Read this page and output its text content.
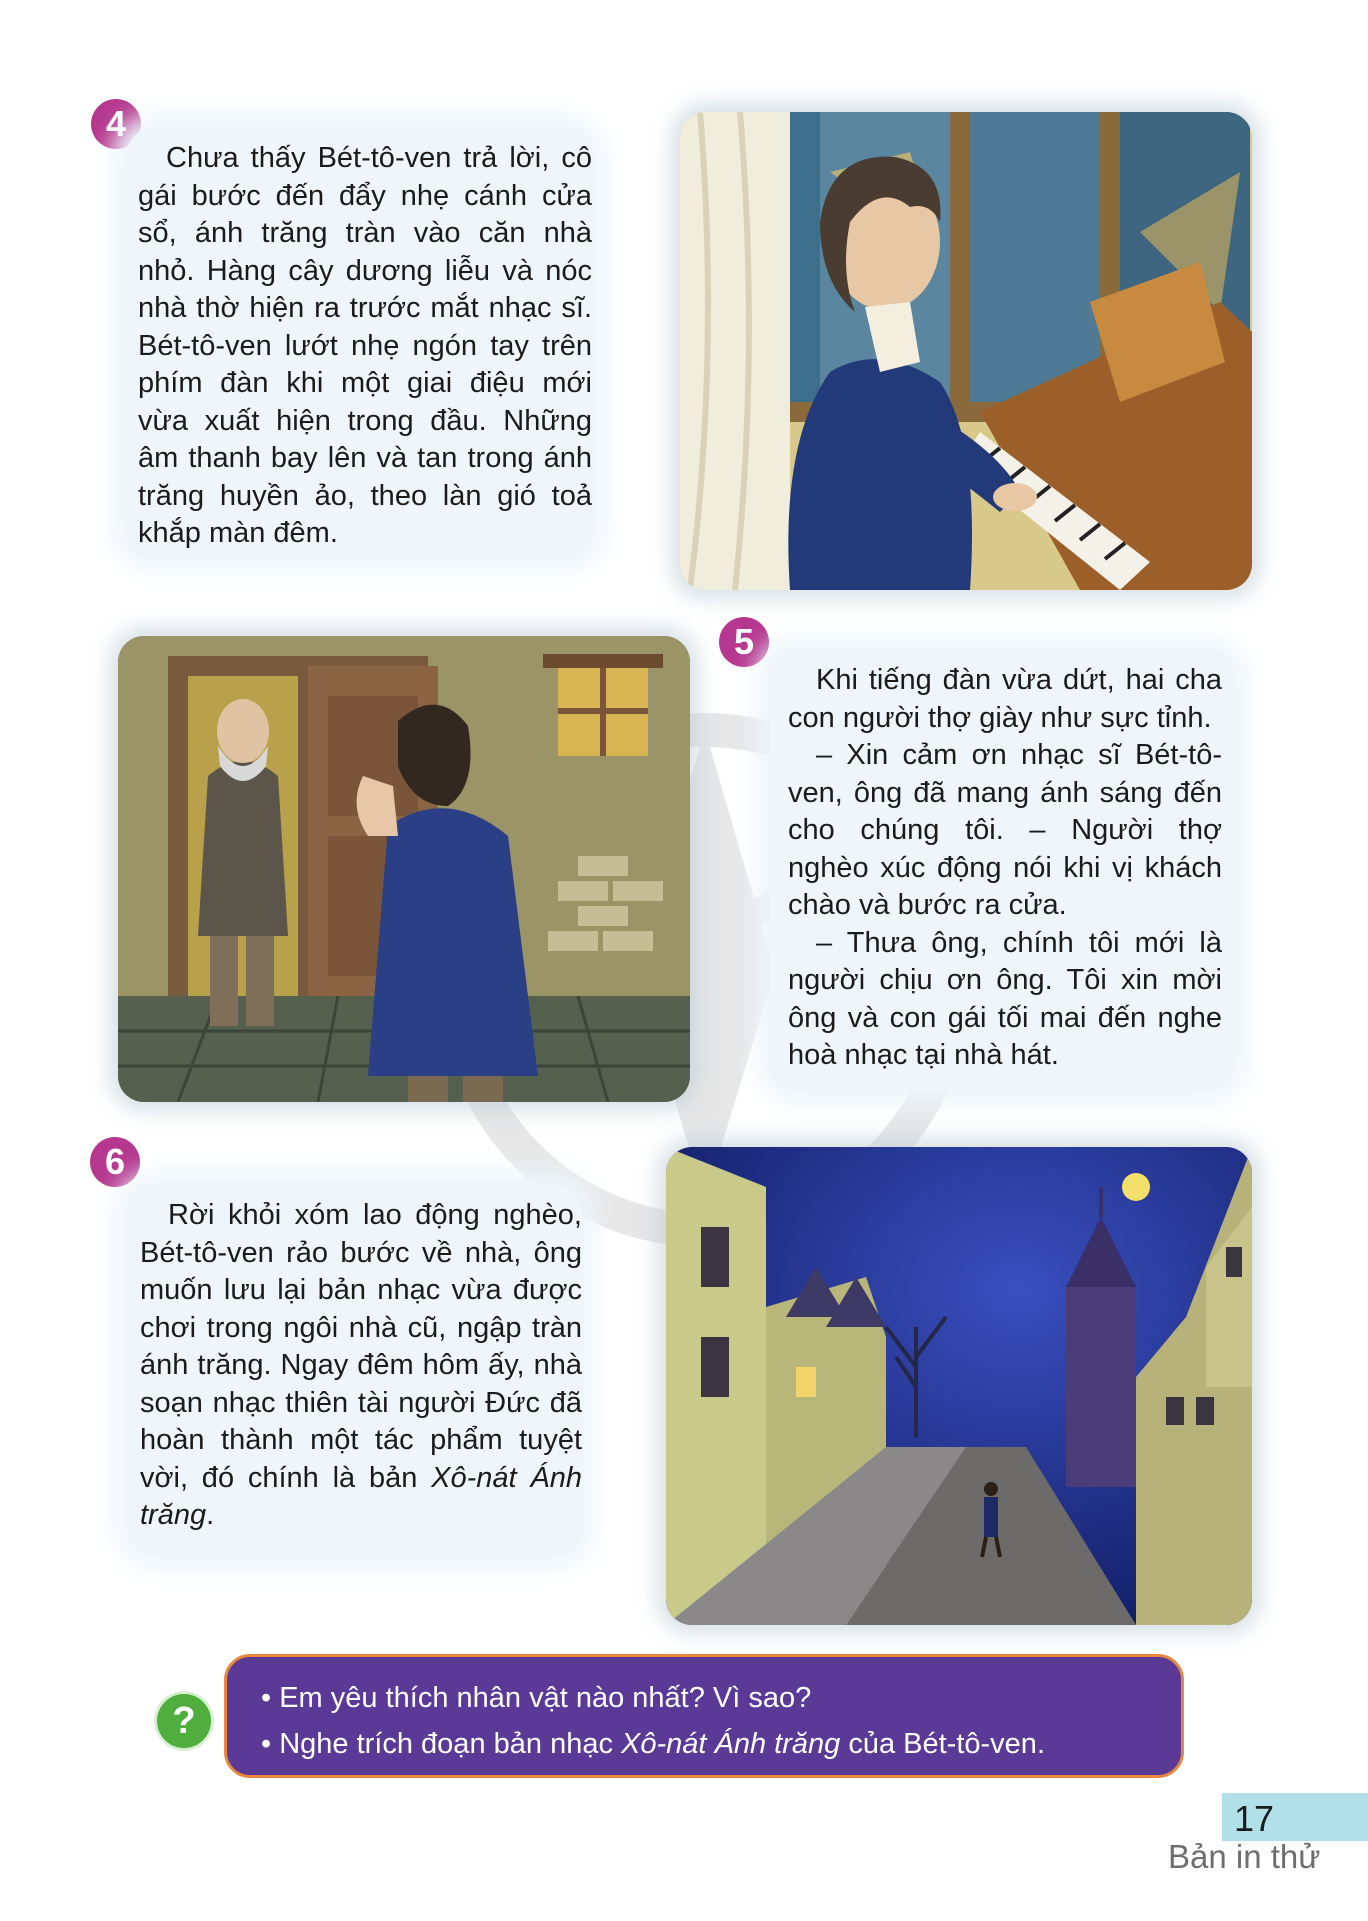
4

Chưa thấy Bét-tô-ven trả lời, cô gái bước đến đẩy nhẹ cánh cửa sổ, ánh trăng tràn vào căn nhà nhỏ. Hàng cây dương liễu và nóc nhà thờ hiện ra trước mắt nhạc sĩ. Bét-tô-ven lướt nhẹ ngón tay trên phím đàn khi một giai điệu mới vừa xuất hiện trong đầu. Những âm thanh bay lên và tan trong ánh trăng huyền ảo, theo làn gió toả khắp màn đêm.

5

Khi tiếng đàn vừa dứt, hai cha con người thợ giày như sực tỉnh.

– Xin cảm ơn nhạc sĩ Bét-tô-ven, ông đã mang ánh sáng đến cho chúng tôi. – Người thợ nghèo xúc động nói khi vị khách chào và bước ra cửa.

– Thưa ông, chính tôi mới là người chịu ơn ông. Tôi xin mời ông và con gái tối mai đến nghe hoà nhạc tại nhà hát.

6

Rời khỏi xóm lao động nghèo, Bét-tô-ven rảo bước về nhà, ông muốn lưu lại bản nhạc vừa được chơi trong ngôi nhà cũ, ngập tràn ánh trăng. Ngay đêm hôm ấy, nhà soạn nhạc thiên tài người Đức đã hoàn thành một tác phẩm tuyệt vời, đó chính là bản Xô-nát Ánh trăng.

?
• Em yêu thích nhân vật nào nhất? Vì sao?
• Nghe trích đoạn bản nhạc Xô-nát Ánh trăng của Bét-tô-ven.
17
Bản in thử
